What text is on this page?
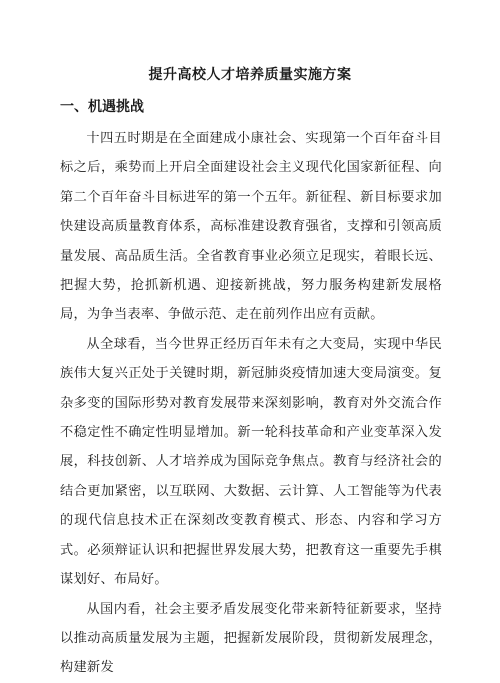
提升高校人才培养质量实施方案
一、机遇挑战

十四五时期是在全面建成小康社会、实现第一个百年奋斗目标之后，乘势而上开启全面建设社会主义现代化国家新征程、向第二个百年奋斗目标进军的第一个五年。新征程、新目标要求加快建设高质量教育体系，高标准建设教育强省，支撑和引领高质量发展、高品质生活。全省教育事业必须立足现实，着眼长远、把握大势，抢抓新机遇、迎接新挑战，努力服务构建新发展格局，为争当表率、争做示范、走在前列作出应有贡献。

从全球看，当今世界正经历百年未有之大变局，实现中华民族伟大复兴正处于关键时期，新冠肺炎疫情加速大变局演变。复杂多变的国际形势对教育发展带来深刻影响，教育对外交流合作不稳定性不确定性明显增加。新一轮科技革命和产业变革深入发展，科技创新、人才培养成为国际竞争焦点。教育与经济社会的结合更加紧密，以互联网、大数据、云计算、人工智能等为代表的现代信息技术正在深刻改变教育模式、形态、内容和学习方式。必须辩证认识和把握世界发展大势，把教育这一重要先手棋谋划好、布局好。

从国内看，社会主要矛盾发展变化带来新特征新要求，坚持以推动高质量发展为主题，把握新发展阶段，贯彻新发展理念，构建新发
